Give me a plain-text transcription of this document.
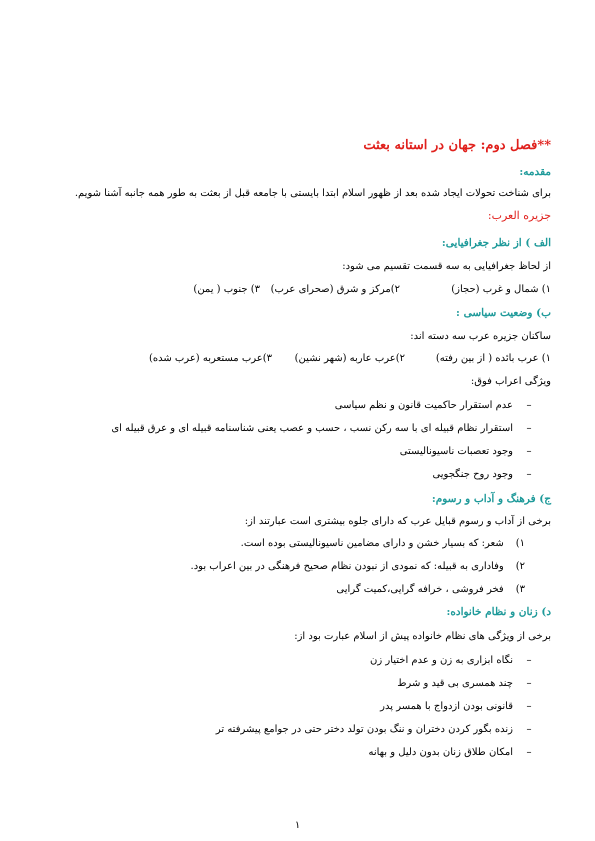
**فصل دوم: جهان در استانه بعثت
مقدمه:
برای شناخت تحولات ایجاد شده بعد از ظهور اسلام ابتدا بایستی با جامعه قبل از بعثت به طور همه جانبه آشنا شویم.
جزیره العرب:
الف ) از نظر جغرافیایی:
از لحاظ جغرافیایی به سه قسمت تقسیم می شود:
۱) شمال و غرب (حجاز)
۲)مرکز و شرق (صحرای عرب)
۳) جنوب ( یمن)
ب) وضعیت سیاسی :
ساکنان جزیره عرب سه دسته اند:
۱) عرب بائده ( از بین رفته)
۲)عرب عاربه (شهر نشین)
۳)عرب مستعربه (عرب شده)
ویژگی اعراب فوق:
–
عدم استقرار حاکمیت قانون و نظم سیاسی
–
استقرار نظام قبیله ای با سه رکن نسب ، حسب و عصب یعنی شناسنامه قبیله ای و عرق قبیله ای
–
وجود تعصبات ناسیونالیستی
–
وجود روح جنگجویی
ج) فرهنگ و آداب و رسوم:
برخی از آداب و رسوم قبایل عرب که دارای جلوه بیشتری است عبارتند از:
۱)
شعر: که بسیار خشن و دارای مضامین ناسیونالیستی بوده است.
۲)
وفاداری به قبیله: که نمودی از نبودن نظام صحیح فرهنگی در بین اعراب بود.
۳)
فخر فروشی ، خرافه گرایی،کمیت گرایی
د) زنان و نظام خانواده:
برخی از ویژگی های نظام خانواده پیش از اسلام عبارت بود از:
–
نگاه ابزاری به زن و عدم اختیار زن
–
چند همسری بی قید و شرط
–
قانونی بودن ازدواج با همسر پدر
–
زنده بگور کردن دختران و ننگ بودن تولد دختر حتی در جوامع پیشرفته تر
–
امکان طلاق زنان بدون دلیل و بهانه
۱
